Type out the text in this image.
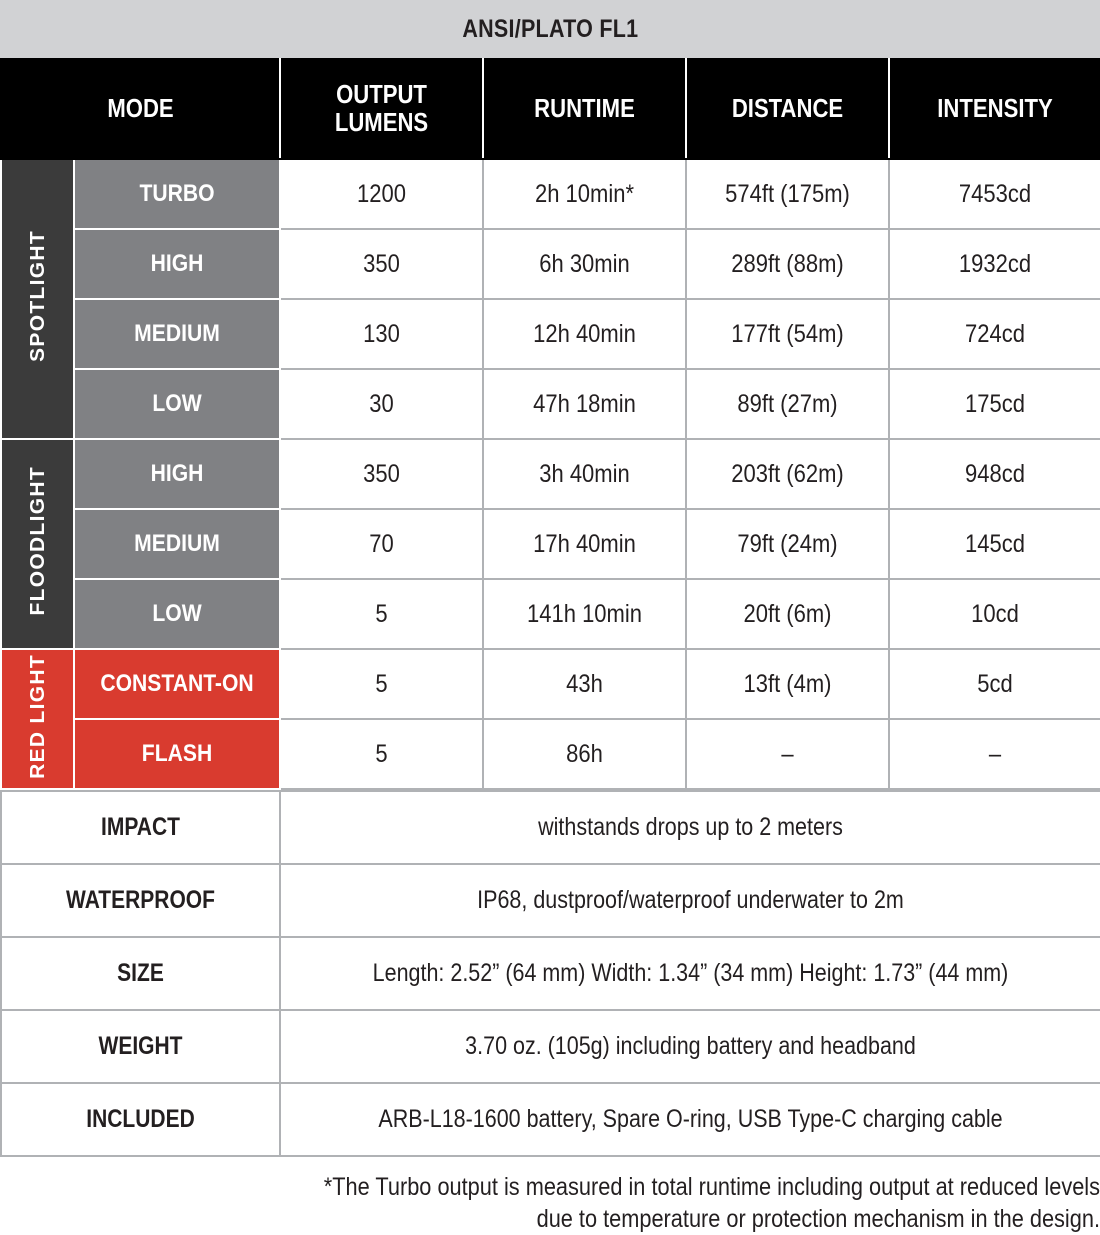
ANSI/PLATO FL1
MODE		OUTPUT
LUMENS	RUNTIME	DISTANCE	INTENSITY

SPOTLIGHT	TURBO	1200	2h 10min*	574ft (175m)	7453cd

	HIGH	350	6h 30min	289ft (88m)	1932cd

	MEDIUM	130	12h 40min	177ft (54m)	724cd

	LOW	30	47h 18min	89ft (27m)	175cd

FLOODLIGHT	HIGH	350	3h 40min	203ft (62m)	948cd

	MEDIUM	70	17h 40min	79ft (24m)	145cd

	LOW	5	141h 10min	20ft (6m)	10cd

RED LIGHT	CONSTANT-ON	5	43h	13ft (4m)	5cd

	FLASH	5	86h	–	–
IMPACT	withstands drops up to 2 meters

WATERPROOF	IP68, dustproof/waterproof underwater to 2m

SIZE	Length: 2.52” (64 mm) Width: 1.34” (34 mm) Height: 1.73” (44 mm)

WEIGHT	3.70 oz. (105g) including battery and headband

INCLUDED	ARB-L18-1600 battery, Spare O-ring, USB Type-C charging cable
*The Turbo output is measured in total runtime including output at reduced levels
due to temperature or protection mechanism in the design.
